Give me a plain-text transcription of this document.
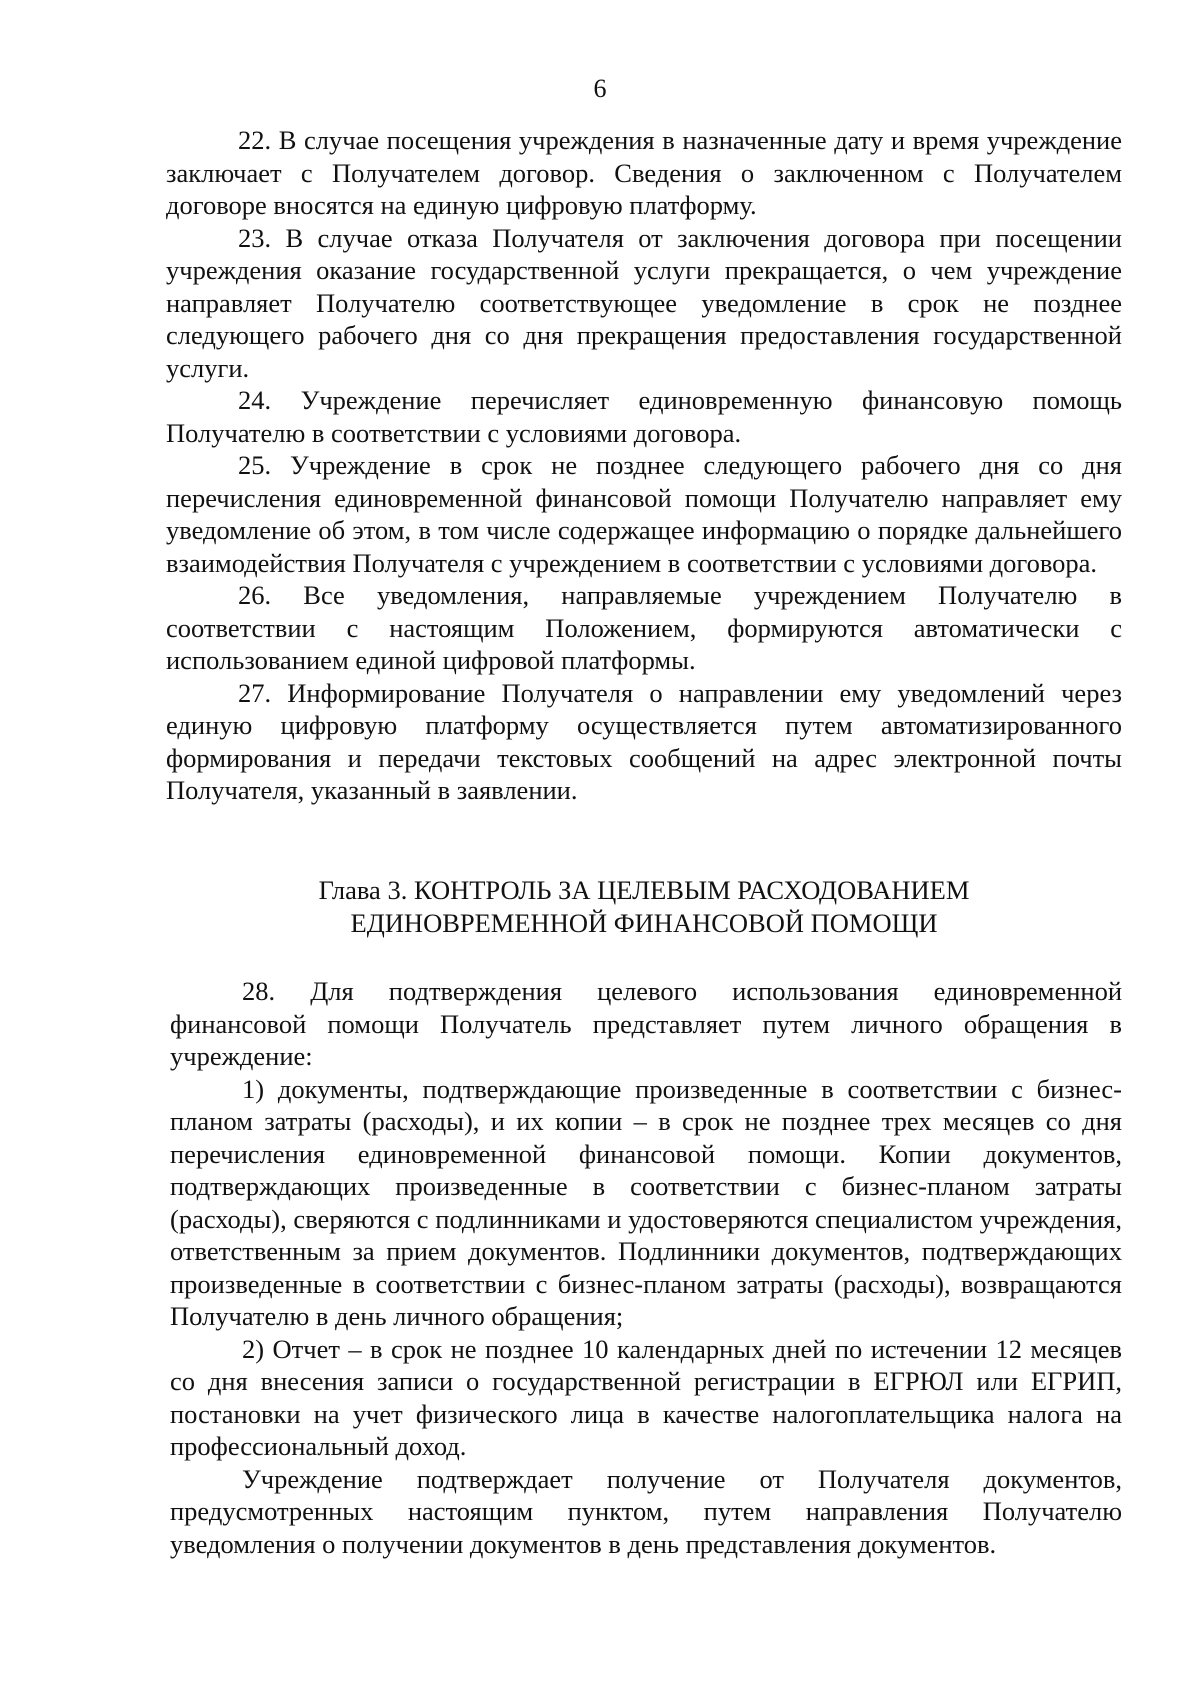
6

22. В случае посещения учреждения в назначенные дату и время учреждение заключает с Получателем договор. Сведения о заключенном с Получателем договоре вносятся на единую цифровую платформу.

23. В случае отказа Получателя от заключения договора при посещении учреждения оказание государственной услуги прекращается, о чем учреждение направляет Получателю соответствующее уведомление в срок не позднее следующего рабочего дня со дня прекращения предоставления государственной услуги.

24. Учреждение перечисляет единовременную финансовую помощь Получателю в соответствии с условиями договора.

25. Учреждение в срок не позднее следующего рабочего дня со дня перечисления единовременной финансовой помощи Получателю направляет ему уведомление об этом, в том числе содержащее информацию о порядке дальнейшего взаимодействия Получателя с учреждением в соответствии с условиями договора.

26. Все уведомления, направляемые учреждением Получателю в соответствии с настоящим Положением, формируются автоматически с использованием единой цифровой платформы.

27. Информирование Получателя о направлении ему уведомлений через единую цифровую платформу осуществляется путем автоматизированного формирования и передачи текстовых сообщений на адрес электронной почты Получателя, указанный в заявлении.

Глава 3. КОНТРОЛЬ ЗА ЦЕЛЕВЫМ РАСХОДОВАНИЕМ
ЕДИНОВРЕМЕННОЙ ФИНАНСОВОЙ ПОМОЩИ

28. Для подтверждения целевого использования единовременной финансовой помощи Получатель представляет путем личного обращения в учреждение:

1) документы, подтверждающие произведенные в соответствии с бизнес-планом затраты (расходы), и их копии – в срок не позднее трех месяцев со дня перечисления единовременной финансовой помощи. Копии документов, подтверждающих произведенные в соответствии с бизнес-планом затраты (расходы), сверяются с подлинниками и удостоверяются специалистом учреждения, ответственным за прием документов. Подлинники документов, подтверждающих произведенные в соответствии с бизнес-планом затраты (расходы), возвращаются Получателю в день личного обращения;

2) Отчет – в срок не позднее 10 календарных дней по истечении 12 месяцев со дня внесения записи о государственной регистрации в ЕГРЮЛ или ЕГРИП, постановки на учет физического лица в качестве налогоплательщика налога на профессиональный доход.

Учреждение подтверждает получение от Получателя документов, предусмотренных настоящим пунктом, путем направления Получателю уведомления о получении документов в день представления документов.
